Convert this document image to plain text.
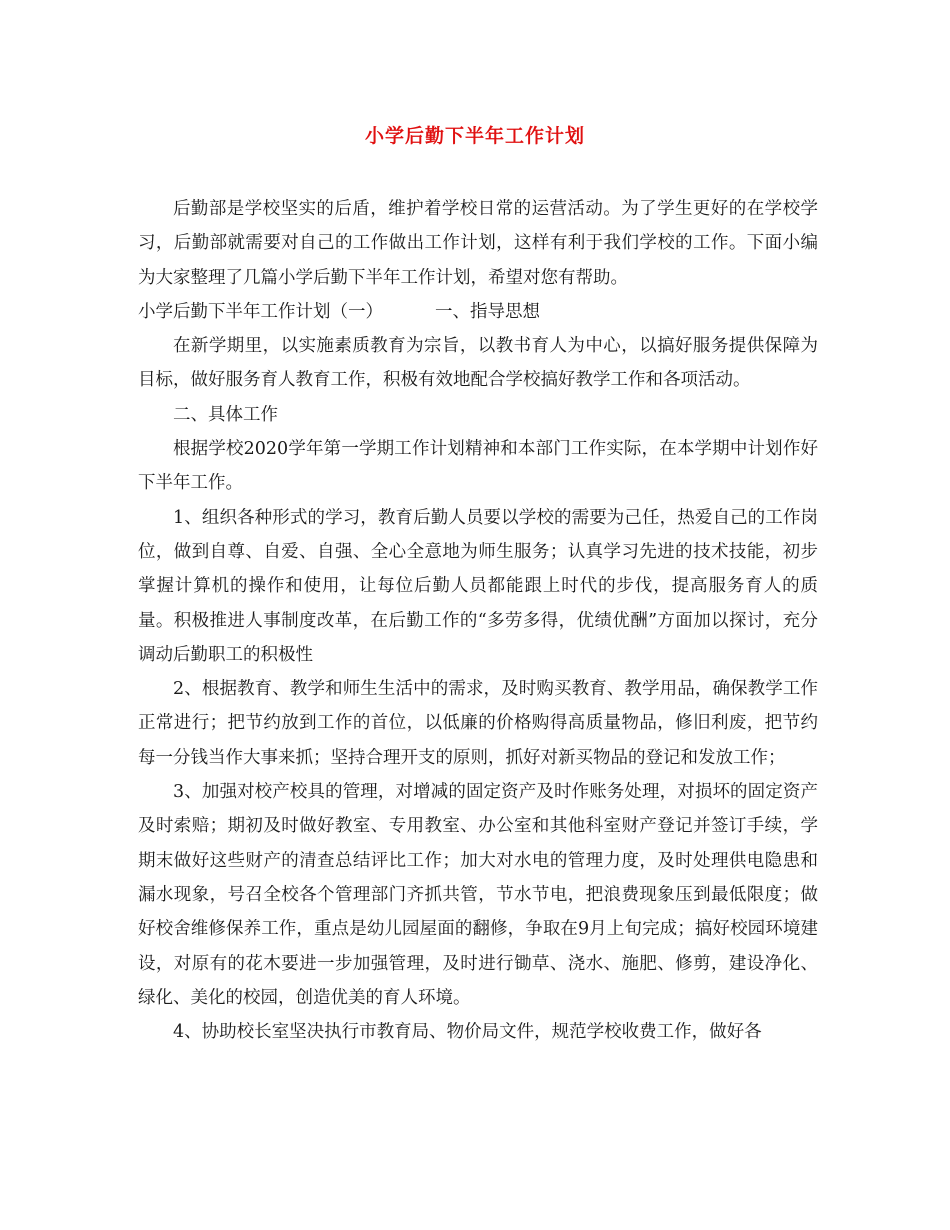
小学后勤下半年工作计划

后勤部是学校坚实的后盾，维护着学校日常的运营活动。为了学生更好的在学校学习，后勤部就需要对自己的工作做出工作计划，这样有利于我们学校的工作。下面小编为大家整理了几篇小学后勤下半年工作计划，希望对您有帮助。

小学后勤下半年工作计划（一）	一、指导思想

在新学期里，以实施素质教育为宗旨，以教书育人为中心，以搞好服务提供保障为目标，做好服务育人教育工作，积极有效地配合学校搞好教学工作和各项活动。

二、具体工作

根据学校2020学年第一学期工作计划精神和本部门工作实际，在本学期中计划作好下半年工作。

1、组织各种形式的学习，教育后勤人员要以学校的需要为己任，热爱自己的工作岗位，做到自尊、自爱、自强、全心全意地为师生服务；认真学习先进的技术技能，初步掌握计算机的操作和使用，让每位后勤人员都能跟上时代的步伐，提高服务育人的质量。积极推进人事制度改革，在后勤工作的“多劳多得，优绩优酬”方面加以探讨，充分调动后勤职工的积极性

2、根据教育、教学和师生生活中的需求，及时购买教育、教学用品，确保教学工作正常进行；把节约放到工作的首位，以低廉的价格购得高质量物品，修旧利废，把节约每一分钱当作大事来抓；坚持合理开支的原则，抓好对新买物品的登记和发放工作；

3、加强对校产校具的管理，对增减的固定资产及时作账务处理，对损坏的固定资产及时索赔；期初及时做好教室、专用教室、办公室和其他科室财产登记并签订手续，学期末做好这些财产的清查总结评比工作；加大对水电的管理力度，及时处理供电隐患和漏水现象，号召全校各个管理部门齐抓共管，节水节电，把浪费现象压到最低限度；做好校舍维修保养工作，重点是幼儿园屋面的翻修，争取在9月上旬完成；搞好校园环境建设，对原有的花木要进一步加强管理，及时进行锄草、浇水、施肥、修剪，建设净化、绿化、美化的校园，创造优美的育人环境。

4、协助校长室坚决执行市教育局、物价局文件，规范学校收费工作，做好各
